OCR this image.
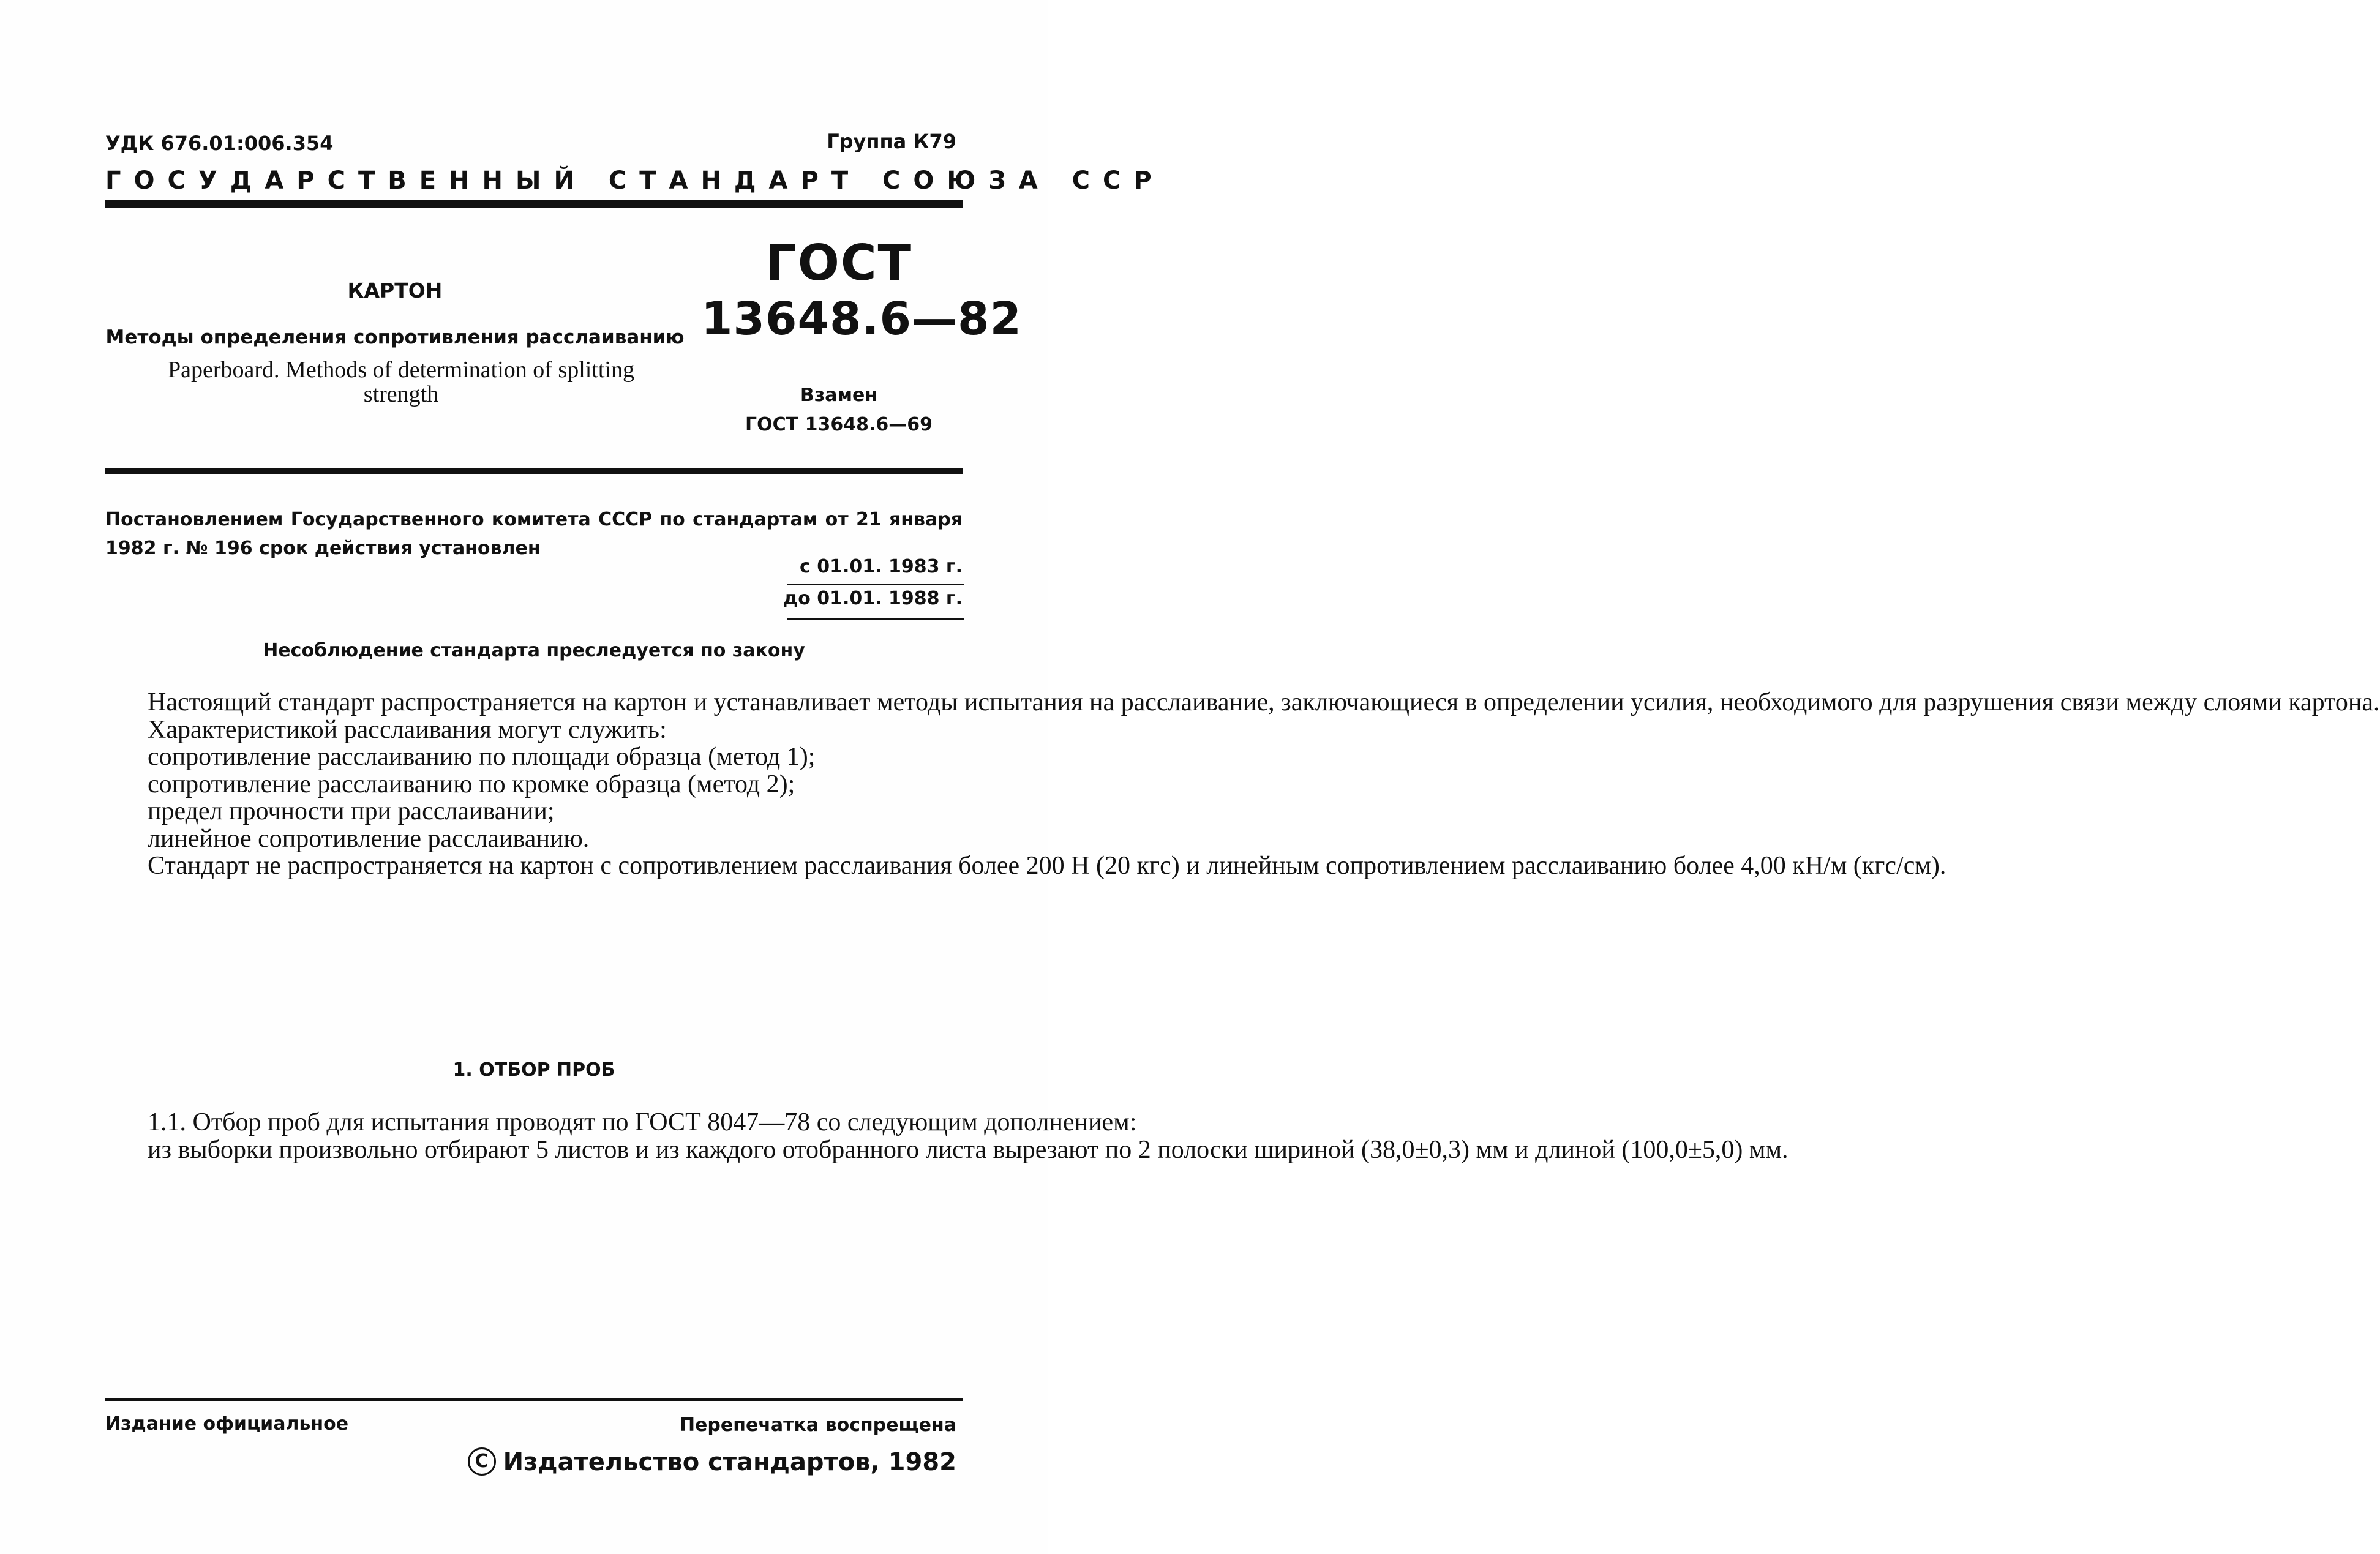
УДК 676.01:006.354	Группа К79
ГОСУДАРСТВЕННЫЙ СТАНДАРТ СОЮЗА ССР
КАРТОН
Методы определения сопротивления расслаиванию
Paperboard. Methods of determination of splitting strength
ГОСТ
13648.6—82
Взамен
ГОСТ 13648.6—69
Постановлением Государственного комитета СССР по стандартам от 21 января 1982 г. № 196 срок действия установлен
с 01.01. 1983 г.
до 01.01. 1988 г.
Несоблюдение стандарта преследуется по закону

Настоящий стандарт распространяется на картон и устанавливает методы испытания на расслаивание, заключающиеся в определении усилия, необходимого для разрушения связи между слоями картона.

Характеристикой расслаивания могут служить:

сопротивление расслаиванию по площади образца (метод 1);

сопротивление расслаиванию по кромке образца (метод 2);

предел прочности при расслаивании;

линейное сопротивление расслаиванию.

Стандарт не распространяется на картон с сопротивлением расслаивания более 200 Н (20 кгс) и линейным сопротивлением расслаиванию более 4,00 кН/м (кгс/см).

1. ОТБОР ПРОБ

1.1. Отбор проб для испытания проводят по ГОСТ 8047—78 со следующим дополнением:

из выборки произвольно отбирают 5 листов и из каждого отобранного листа вырезают по 2 полоски шириной (38,0±0,3) мм и длиной (100,0±5,0) мм.

Издание официальное	Перепечатка воспрещена
C Издательство стандартов, 1982
